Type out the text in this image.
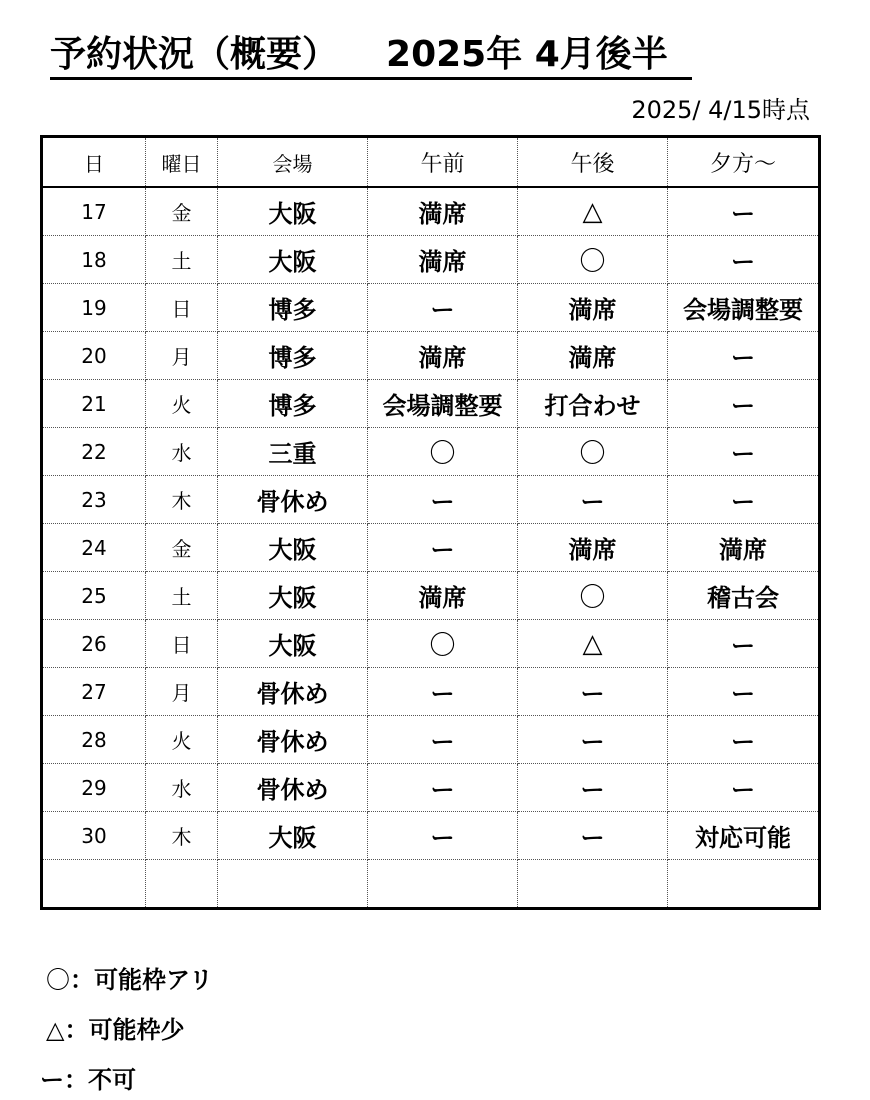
予約状況（概要） 2025年 4月後半
2025/ 4/15時点
日	曜日	会場	午前	午後	夕方～
17	金	大阪	満席	△	ー
18	土	大阪	満席	〇	ー
19	日	博多	ー	満席	会場調整要
20	月	博多	満席	満席	ー
21	火	博多	会場調整要	打合わせ	ー
22	水	三重	〇	〇	ー
23	木	骨休め	ー	ー	ー
24	金	大阪	ー	満席	満席
25	土	大阪	満席	〇	稽古会
26	日	大阪	〇	△	ー
27	月	骨休め	ー	ー	ー
28	火	骨休め	ー	ー	ー
29	水	骨休め	ー	ー	ー
30	木	大阪	ー	ー	対応可能

〇：可能枠アリ
△：可能枠少
ー：不可
